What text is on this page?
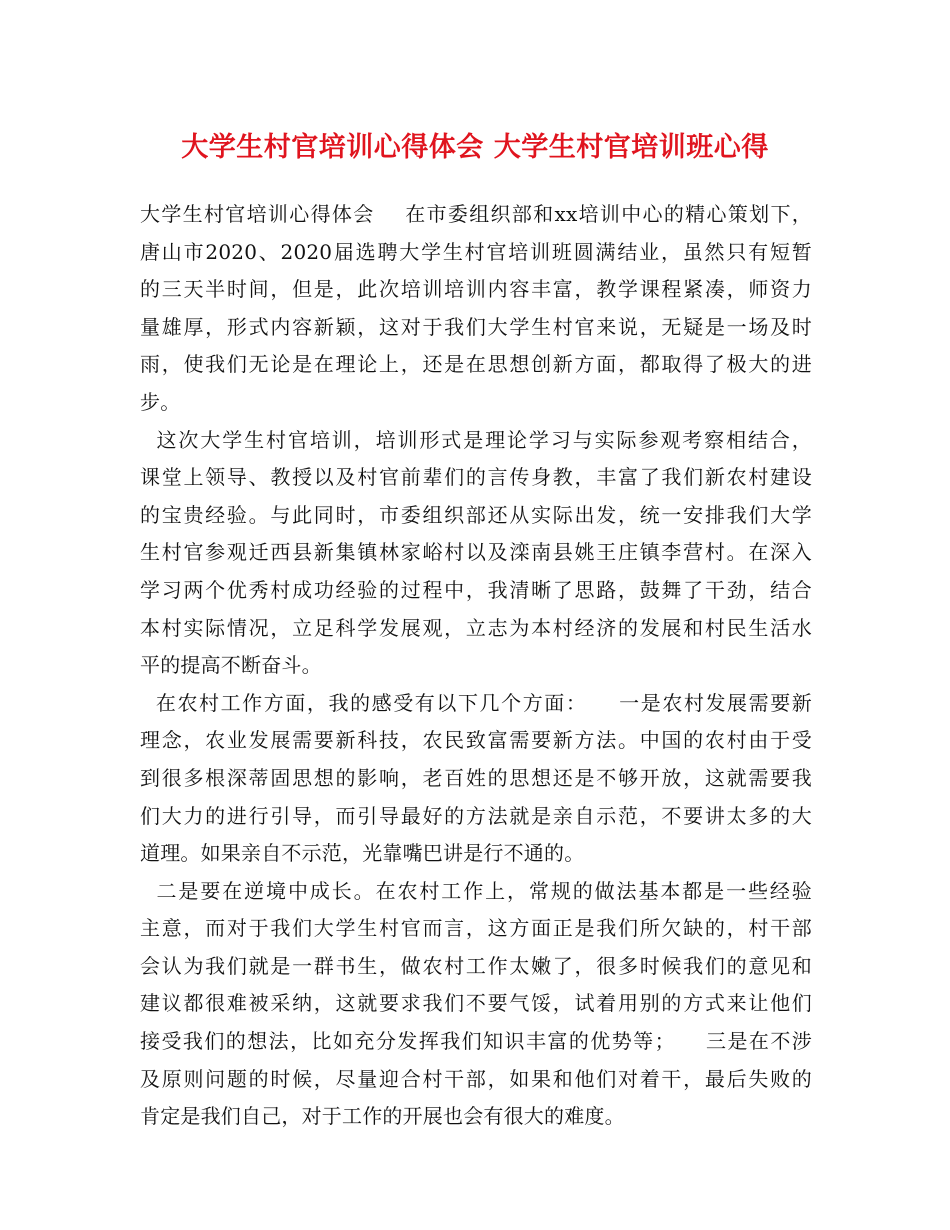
大学生村官培训心得体会 大学生村官培训班心得
大学生村官培训心得体会    在市委组织部和xx培训中心的精心策划下，
唐山市2020、2020届选聘大学生村官培训班圆满结业，虽然只有短暂
的三天半时间，但是，此次培训培训内容丰富，教学课程紧凑，师资力
量雄厚，形式内容新颖，这对于我们大学生村官来说，无疑是一场及时
雨，使我们无论是在理论上，还是在思想创新方面，都取得了极大的进
步。
这次大学生村官培训，培训形式是理论学习与实际参观考察相结合，
课堂上领导、教授以及村官前辈们的言传身教，丰富了我们新农村建设
的宝贵经验。与此同时，市委组织部还从实际出发，统一安排我们大学
生村官参观迁西县新集镇林家峪村以及滦南县姚王庄镇李营村。在深入
学习两个优秀村成功经验的过程中，我清晰了思路，鼓舞了干劲，结合
本村实际情况，立足科学发展观，立志为本村经济的发展和村民生活水
平的提高不断奋斗。
在农村工作方面，我的感受有以下几个方面：    一是农村发展需要新
理念，农业发展需要新科技，农民致富需要新方法。中国的农村由于受
到很多根深蒂固思想的影响，老百姓的思想还是不够开放，这就需要我
们大力的进行引导，而引导最好的方法就是亲自示范，不要讲太多的大
道理。如果亲自不示范，光靠嘴巴讲是行不通的。
二是要在逆境中成长。在农村工作上，常规的做法基本都是一些经验
主意，而对于我们大学生村官而言，这方面正是我们所欠缺的，村干部
会认为我们就是一群书生，做农村工作太嫩了，很多时候我们的意见和
建议都很难被采纳，这就要求我们不要气馁，试着用别的方式来让他们
接受我们的想法，比如充分发挥我们知识丰富的优势等；    三是在不涉
及原则问题的时候，尽量迎合村干部，如果和他们对着干，最后失败的
肯定是我们自己，对于工作的开展也会有很大的难度。
